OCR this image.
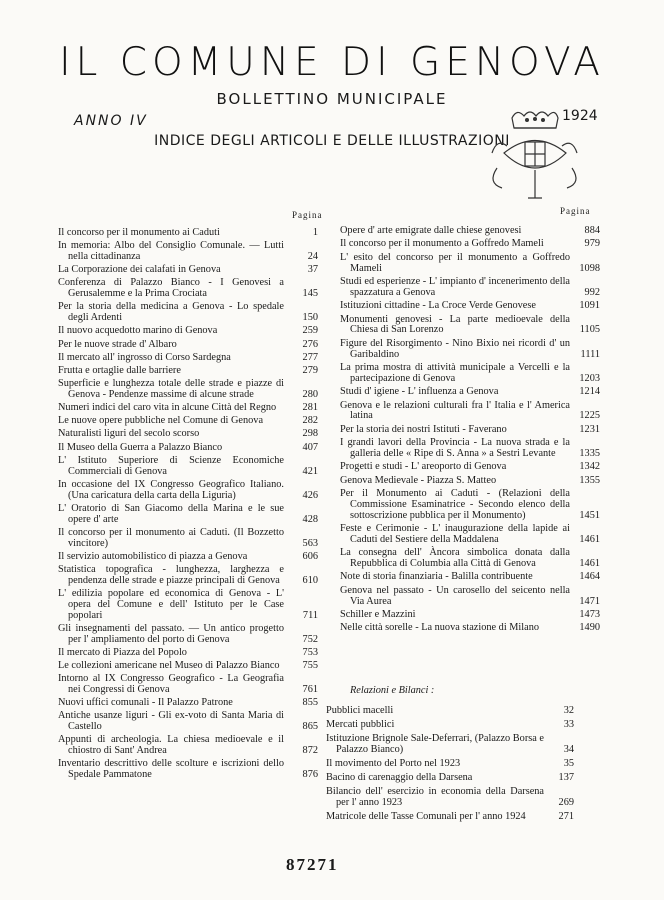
IL COMUNE DI GENOVA
BOLLETTINO MUNICIPALE
ANNO IV	1924
INDICE DEGLI ARTICOLI E DELLE ILLUSTRAZIONI
Pagina	Pagina
Il concorso per il monumento ai Caduti	1
In memoria: Albo del Consiglio Comunale. — Lutti nella cittadinanza	24
La Corporazione dei calafati in Genova	37
Conferenza di Palazzo Bianco - I Genovesi a Gerusalemme e la Prima Crociata	145
Per la storia della medicina a Genova - Lo spedale degli Ardenti	150
Il nuovo acquedotto marino di Genova	259
Per le nuove strade d' Albaro	276
Il mercato all' ingrosso di Corso Sardegna	277
Frutta e ortaglie dalle barriere	279
Superficie e lunghezza totale delle strade e piazze di Genova - Pendenze massime di alcune strade	280
Numeri indici del caro vita in alcune Città del Regno	281
Le nuove opere pubbliche nel Comune di Genova	282
Naturalisti liguri del secolo scorso	298
Il Museo della Guerra a Palazzo Bianco	407
L' Istituto Superiore di Scienze Economiche Commerciali di Genova	421
In occasione del IX Congresso Geografico Italiano. (Una caricatura della carta della Liguria)	426
L' Oratorio di San Giacomo della Marina e le sue opere d' arte	428
Il concorso per il monumento ai Caduti. (Il Bozzetto vincitore)	563
Il servizio automobilistico di piazza a Genova	606
Statistica topografica - lunghezza, larghezza e pendenza delle strade e piazze principali di Genova	610
L' edilizia popolare ed economica di Genova - L' opera del Comune e dell' Istituto per le Case popolari	711
Gli insegnamenti del passato. — Un antico progetto per l' ampliamento del porto di Genova	752
Il mercato di Piazza del Popolo	753
Le collezioni americane nel Museo di Palazzo Bianco	755
Intorno al IX Congresso Geografico - La Geografia nei Congressi di Genova	761
Nuovi uffici comunali - Il Palazzo Patrone	855
Antiche usanze liguri - Gli ex-voto di Santa Maria di Castello	865
Appunti di archeologia. La chiesa medioevale e il chiostro di Sant' Andrea	872
Inventario descrittivo delle scolture e iscrizioni dello Spedale Pammatone	876
Opere d' arte emigrate dalle chiese genovesi	884
Il concorso per il monumento a Goffredo Mameli	979
L' esito del concorso per il monumento a Goffredo Mameli	1098
Studi ed esperienze - L' impianto d' incenerimento della spazzatura a Genova	992
Istituzioni cittadine - La Croce Verde Genovese	1091
Monumenti genovesi - La parte medioevale della Chiesa di San Lorenzo	1105
Figure del Risorgimento - Nino Bixio nei ricordi d' un Garibaldino	1111
La prima mostra di attività municipale a Vercelli e la partecipazione di Genova	1203
Studi d' igiene - L' influenza a Genova	1214
Genova e le relazioni culturali fra l' Italia e l' America latina	1225
Per la storia dei nostri Istituti - Faverano	1231
I grandi lavori della Provincia - La nuova strada e la galleria delle « Ripe di S. Anna » a Sestri Levante	1335
Progetti e studi - L' areoporto di Genova	1342
Genova Medievale - Piazza S. Matteo	1355
Per il Monumento ai Caduti - (Relazioni della Commissione Esaminatrice - Secondo elenco della sottoscrizione pubblica per il Monumento)	1451
Feste e Cerimonie - L' inaugurazione della lapide ai Caduti del Sestiere della Maddalena	1461
La consegna dell' Àncora simbolica donata dalla Repubblica di Columbia alla Città di Genova	1461
Note di storia finanziaria - Balilla contribuente	1464
Genova nel passato - Un carosello del seicento nella Via Aurea	1471
Schiller e Mazzini	1473
Nelle città sorelle - La nuova stazione di Milano	1490
Relazioni e Bilanci :
Pubblici macelli	32
Mercati pubblici	33
Istituzione Brignole Sale-Deferrari, (Palazzo Borsa e Palazzo Bianco)	34
Il movimento del Porto nel 1923	35
Bacino di carenaggio della Darsena	137
Bilancio dell' esercizio in economia della Darsena per l' anno 1923	269
Matricole delle Tasse Comunali per l' anno 1924	271
87271
